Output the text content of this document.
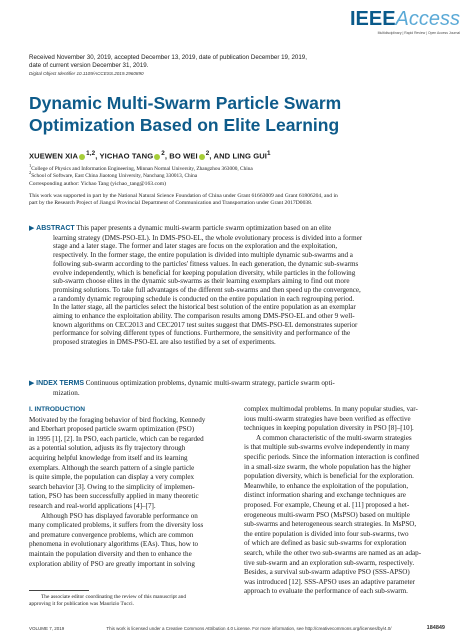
IEEEAccess
Multidisciplinary | Rapid Review | Open Access Journal
Received November 30, 2019, accepted December 13, 2019, date of publication December 19, 2019,
date of current version December 31, 2019.
Digital Object Identifier 10.1109/ACCESS.2019.2960890
Dynamic Multi-Swarm Particle Swarm
Optimization Based on Elite Learning
XUEWEN XIA $^{1,2}$, YICHAO TANG $^2$, BO WEI $^2$, AND LING GUI$^1$
$^1$College of Physics and Information Engineering, Minnan Normal University, Zhangzhou 363000, China
$^2$School of Software, East China Jiaotong University, Nanchang 330013, China
Corresponding author: Yichao Tang (yichao_tang@163.com)
This work was supported in part by the National Natural Science Foundation of China under Grant 61663009 and Grant 61806204, and in
part by the Research Project of Jiangxi Provincial Department of Communication and Transportation under Grant 2017D0038.

▶ ABSTRACT This paper presents a dynamic multi-swarm particle swarm optimization based on an elite

learning strategy (DMS-PSO-EL). In DMS-PSO-EL, the whole evolutionary process is divided into a former

stage and a later stage. The former and later stages are focus on the exploration and the exploitation,

respectively. In the former stage, the entire population is divided into multiple dynamic sub-swarms and a

following sub-swarm according to the particles' fitness values. In each generation, the dynamic sub-swarms

evolve independently, which is beneficial for keeping population diversity, while particles in the following

sub-swarm choose elites in the dynamic sub-swarms as their learning exemplars aiming to find out more

promising solutions. To take full advantages of the different sub-swarms and then speed up the convergence,

a randomly dynamic regrouping schedule is conducted on the entire population in each regrouping period.

In the latter stage, all the particles select the historical best solution of the entire population as an exemplar

aiming to enhance the exploitation ability. The comparison results among DMS-PSO-EL and other 9 well-

known algorithms on CEC2013 and CEC2017 test suites suggest that DMS-PSO-EL demonstrates superior

performance for solving different types of functions. Furthermore, the sensitivity and performance of the

proposed strategies in DMS-PSO-EL are also testified by a set of experiments.

▶ INDEX TERMS Continuous optimization problems, dynamic multi-swarm strategy, particle swarm opti-
mization.
I. INTRODUCTION

Motivated by the foraging behavior of bird flocking, Kennedy

and Eberhart proposed particle swarm optimization (PSO)

in 1995 [1], [2]. In PSO, each particle, which can be regarded

as a potential solution, adjusts its fly trajectory through

acquiring helpful knowledge from itself and its learning

exemplars. Although the search pattern of a single particle

is quite simple, the population can display a very complex

search behavior [3]. Owing to the simplicity of implemen-

tation, PSO has been successfully applied in many theoretic

research and real-world applications [4]–[7].

Although PSO has displayed favorable performance on

many complicated problems, it suffers from the diversity loss

and premature convergence problems, which are common

phenomena in evolutionary algorithms (EAs). Thus, how to

maintain the population diversity and then to enhance the

exploration ability of PSO are greatly important in solving

The associate editor coordinating the review of this manuscript and
approving it for publication was Maurizio Tucci.

complex multimodal problems. In many popular studies, var-

ious multi-swarm strategies have been verified as effective

techniques in keeping population diversity in PSO [8]–[10].

A common characteristic of the multi-swarm strategies

is that multiple sub-swarms evolve independently in many

specific periods. Since the information interaction is confined

in a small-size swarm, the whole population has the higher

population diversity, which is beneficial for the exploration.

Meanwhile, to enhance the exploitation of the population,

distinct information sharing and exchange techniques are

proposed. For example, Cheung et al. [11] proposed a het-

erogeneous multi-swarm PSO (MsPSO) based on multiple

sub-swarms and heterogeneous search strategies. In MsPSO,

the entire population is divided into four sub-swarms, two

of which are defined as basic sub-swarms for exploration

search, while the other two sub-swarms are named as an adap-

tive sub-swarm and an exploration sub-swarm, respectively.

Besides, a survival sub-swarm adaptive PSO (SSS-APSO)

was introduced [12]. SSS-APSO uses an adaptive parameter

approach to evaluate the performance of each sub-swarm.

VOLUME 7, 2019	This work is licensed under a Creative Commons Attribution 4.0 License. For more information, see http://creativecommons.org/licenses/by/4.0/	184849
